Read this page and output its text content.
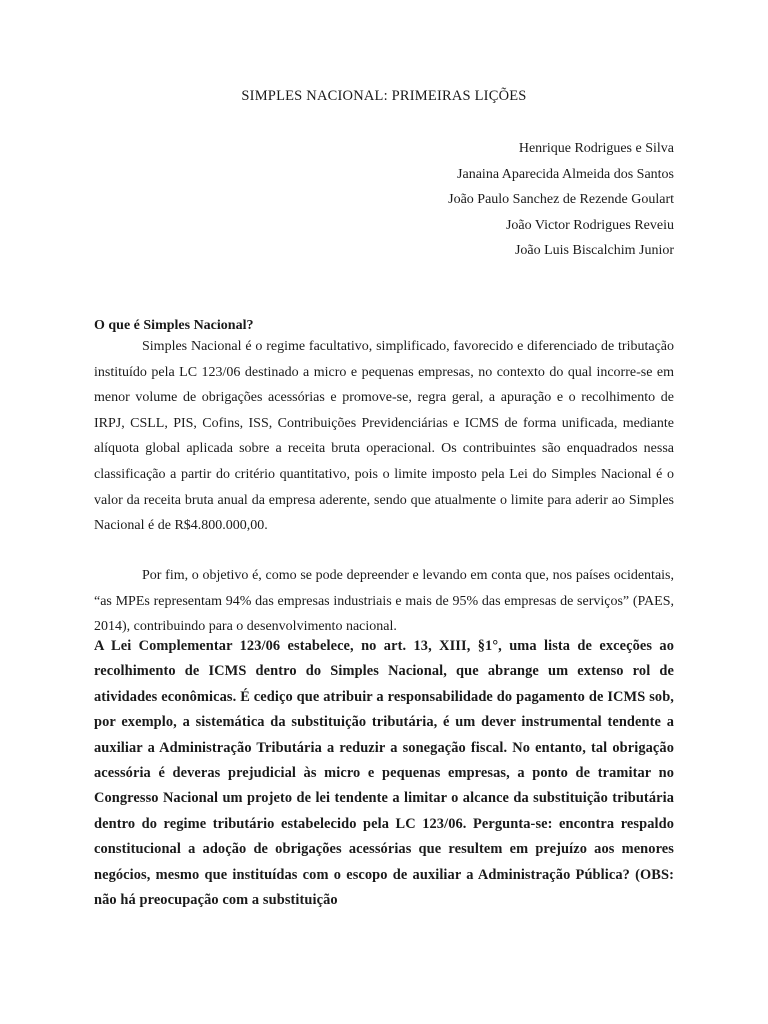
SIMPLES NACIONAL: PRIMEIRAS LIÇÕES
Henrique Rodrigues e Silva
Janaina Aparecida Almeida dos Santos
João Paulo Sanchez de Rezende Goulart
João Victor Rodrigues Reveiu
João Luis Biscalchim Junior
O que é Simples Nacional?

Simples Nacional é o regime facultativo, simplificado, favorecido e diferenciado de tributação instituído pela LC 123/06 destinado a micro e pequenas empresas, no contexto do qual incorre-se em menor volume de obrigações acessórias e promove-se, regra geral, a apuração e o recolhimento de IRPJ, CSLL, PIS, Cofins, ISS, Contribuições Previdenciárias e ICMS de forma unificada, mediante alíquota global aplicada sobre a receita bruta operacional. Os contribuintes são enquadrados nessa classificação a partir do critério quantitativo, pois o limite imposto pela Lei do Simples Nacional é o valor da receita bruta anual da empresa aderente, sendo que atualmente o limite para aderir ao Simples Nacional é de R$4.800.000,00.

Por fim, o objetivo é, como se pode depreender e levando em conta que, nos países ocidentais, “as MPEs representam 94% das empresas industriais e mais de 95% das empresas de serviços” (PAES, 2014), contribuindo para o desenvolvimento nacional.

A Lei Complementar 123/06 estabelece, no art. 13, XIII, §1°, uma lista de exceções ao recolhimento de ICMS dentro do Simples Nacional, que abrange um extenso rol de atividades econômicas. É cediço que atribuir a responsabilidade do pagamento de ICMS sob, por exemplo, a sistemática da substituição tributária, é um dever instrumental tendente a auxiliar a Administração Tributária a reduzir a sonegação fiscal. No entanto, tal obrigação acessória é deveras prejudicial às micro e pequenas empresas, a ponto de tramitar no Congresso Nacional um projeto de lei tendente a limitar o alcance da substituição tributária dentro do regime tributário estabelecido pela LC 123/06. Pergunta-se: encontra respaldo constitucional a adoção de obrigações acessórias que resultem em prejuízo aos menores negócios, mesmo que instituídas com o escopo de auxiliar a Administração Pública? (OBS: não há preocupação com a substituição
